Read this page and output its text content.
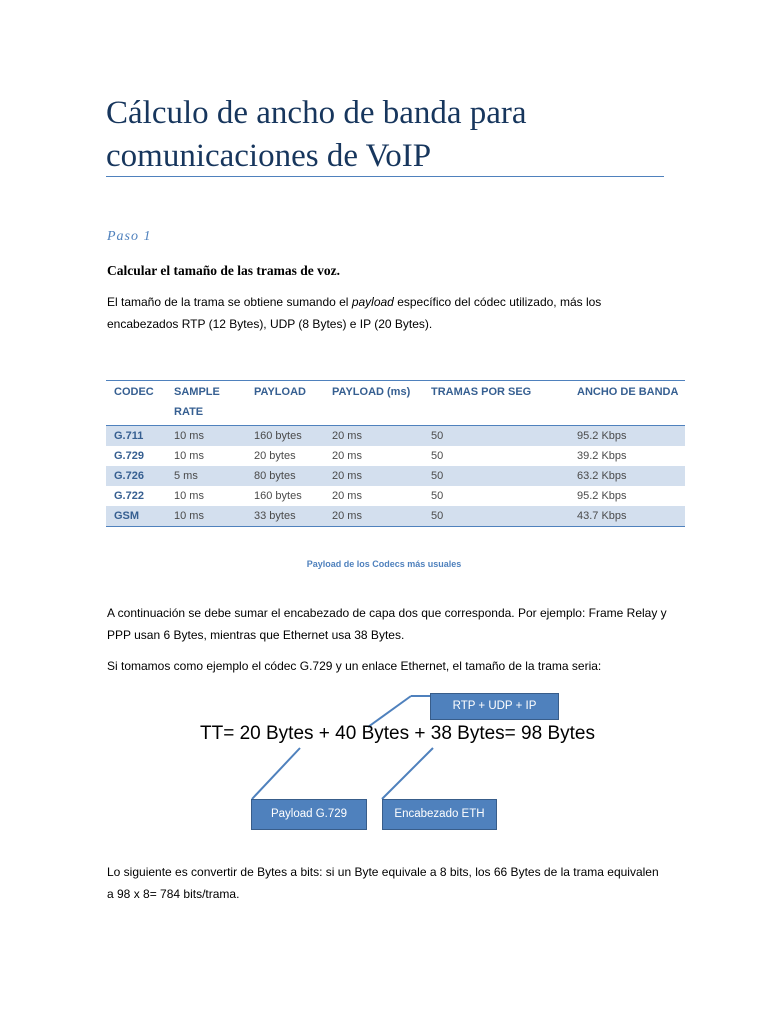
Cálculo de ancho de banda para comunicaciones de VoIP
Paso 1
Calcular el tamaño de las tramas de voz.
El tamaño de la trama se obtiene sumando el payload específico del códec utilizado, más los encabezados RTP (12 Bytes), UDP (8 Bytes) e IP (20 Bytes).
CODEC	SAMPLE RATE	PAYLOAD	PAYLOAD (ms)	TRAMAS POR SEG	ANCHO DE BANDA
G.711	10 ms	160 bytes	20 ms	50	95.2 Kbps
G.729	10 ms	20 bytes	20 ms	50	39.2 Kbps
G.726	5 ms	80 bytes	20 ms	50	63.2 Kbps
G.722	10 ms	160 bytes	20 ms	50	95.2 Kbps
GSM	10 ms	33 bytes	20 ms	50	43.7 Kbps
Payload de los Codecs más usuales
A continuación se debe sumar el encabezado de capa dos que corresponda. Por ejemplo: Frame Relay y PPP usan 6 Bytes, mientras que Ethernet usa 38 Bytes.
Si tomamos como ejemplo el códec G.729 y un enlace Ethernet, el tamaño de la trama seria:
TT= 20 Bytes + 40 Bytes + 38 Bytes= 98 Bytes
RTP + UDP + IP
Payload G.729	Encabezado ETH
Lo siguiente es convertir de Bytes a bits: si un Byte equivale a 8 bits, los 66 Bytes de la trama equivalen a 98 x 8= 784 bits/trama.
